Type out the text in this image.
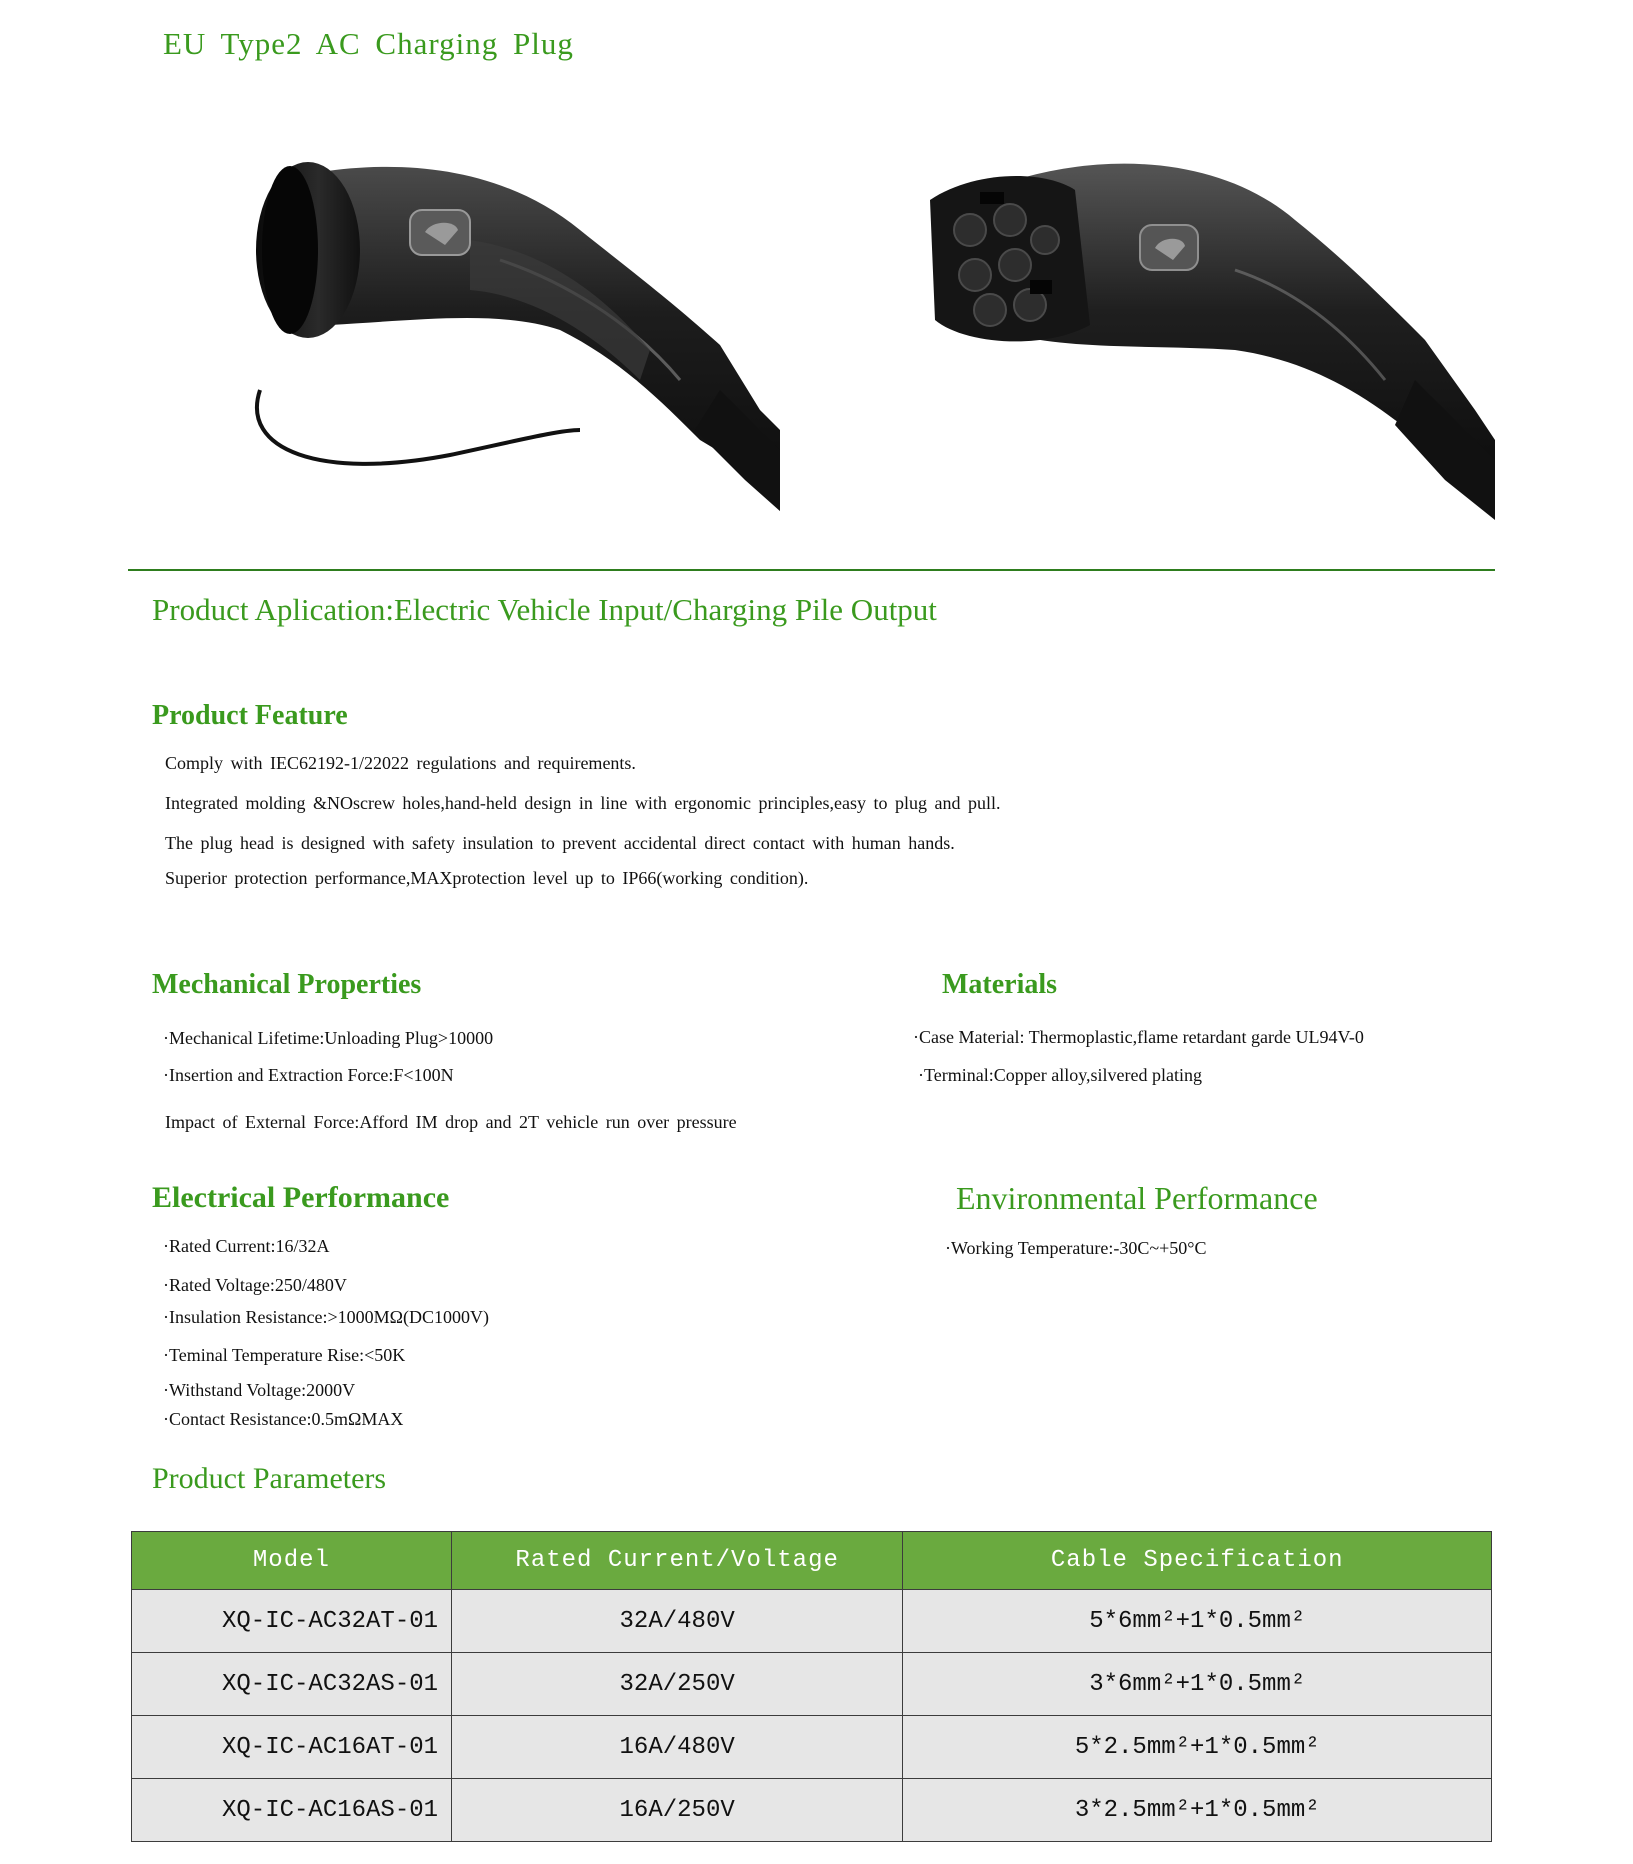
EU Type2 AC Charging Plug
Product Aplication:Electric Vehicle Input/Charging Pile Output
Product Feature
Comply with IEC62192-1/22022 regulations and requirements.
Integrated molding &NOscrew holes,hand-held design in line with ergonomic principles,easy to plug and pull.
The plug head is designed with safety insulation to prevent accidental direct contact with human hands.
Superior protection performance,MAXprotection level up to IP66(working condition).
Mechanical Properties
·Mechanical Lifetime:Unloading Plug>10000
·Insertion and Extraction Force:F<100N
Impact of External Force:Afford IM drop and 2T vehicle run over pressure
Materials
·Case Material: Thermoplastic,flame retardant garde UL94V-0
·Terminal:Copper alloy,silvered plating
Electrical Performance
·Rated Current:16/32A
·Rated Voltage:250/480V
·Insulation Resistance:>1000MΩ(DC1000V)
·Teminal Temperature Rise:<50K
·Withstand Voltage:2000V
·Contact Resistance:0.5mΩMAX
Environmental Performance
·Working Temperature:-30C~+50°C
Product Parameters
Model	Rated Current/Voltage	Cable Specification
XQ-IC-AC32AT-01	32A/480V	5*6mm²+1*0.5mm²
XQ-IC-AC32AS-01	32A/250V	3*6mm²+1*0.5mm²
XQ-IC-AC16AT-01	16A/480V	5*2.5mm²+1*0.5mm²
XQ-IC-AC16AS-01	16A/250V	3*2.5mm²+1*0.5mm²
